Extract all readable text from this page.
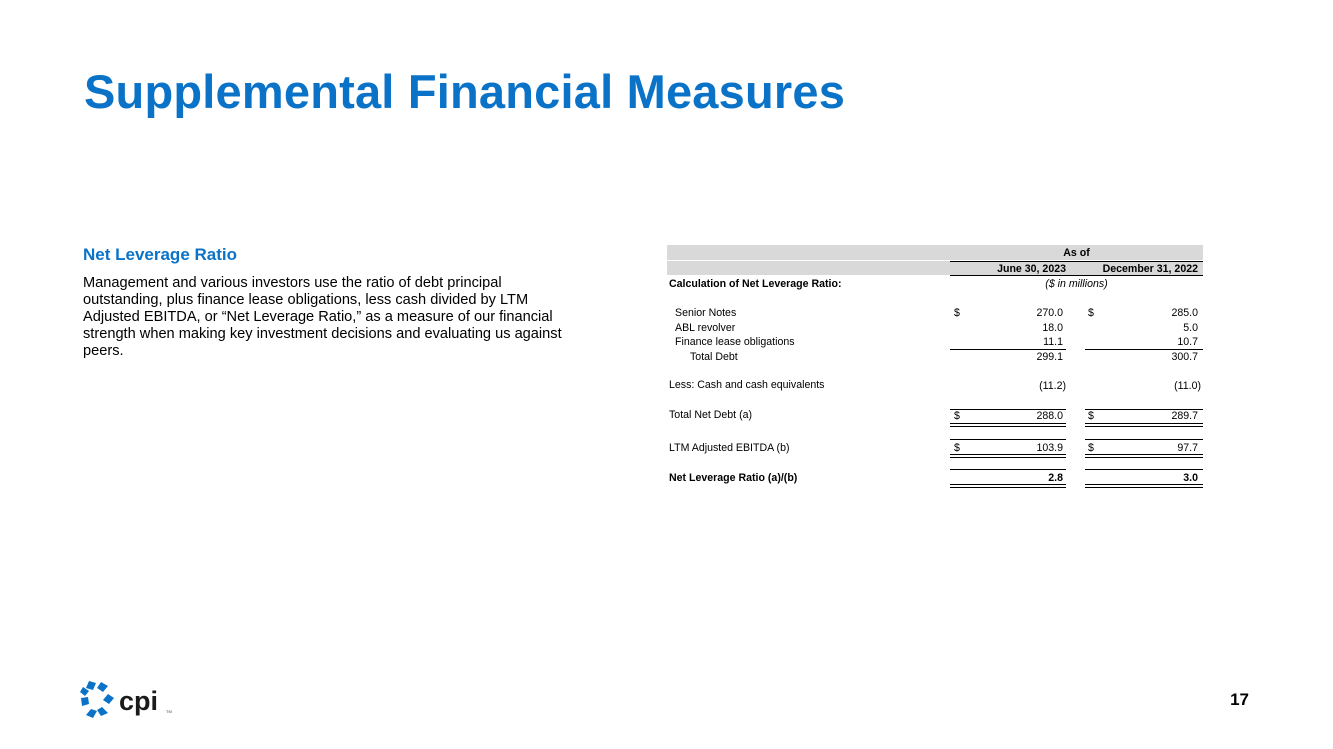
Supplemental Financial Measures
Net Leverage Ratio

Management and various investors use the ratio of debt principal outstanding, plus finance lease obligations, less cash divided by LTM Adjusted EBITDA, or “Net Leverage Ratio,” as a measure of our financial strength when making key investment decisions and evaluating us against peers.

As of
June 30, 2023	December 31, 2022
Calculation of Net Leverage Ratio:	($ in millions)
Senior Notes	$	270.0 $	285.0
ABL revolver	18.0	5.0
Finance lease obligations	11.1	10.7
Total Debt	299.1	300.7
Less: Cash and cash equivalents	(11.2)	(11.0)
Total Net Debt (a)	$	288.0 $	289.7
LTM Adjusted EBITDA (b)	$	103.9 $	97.7
Net Leverage Ratio (a)/(b)	2.8	3.0
cpi TM
17
